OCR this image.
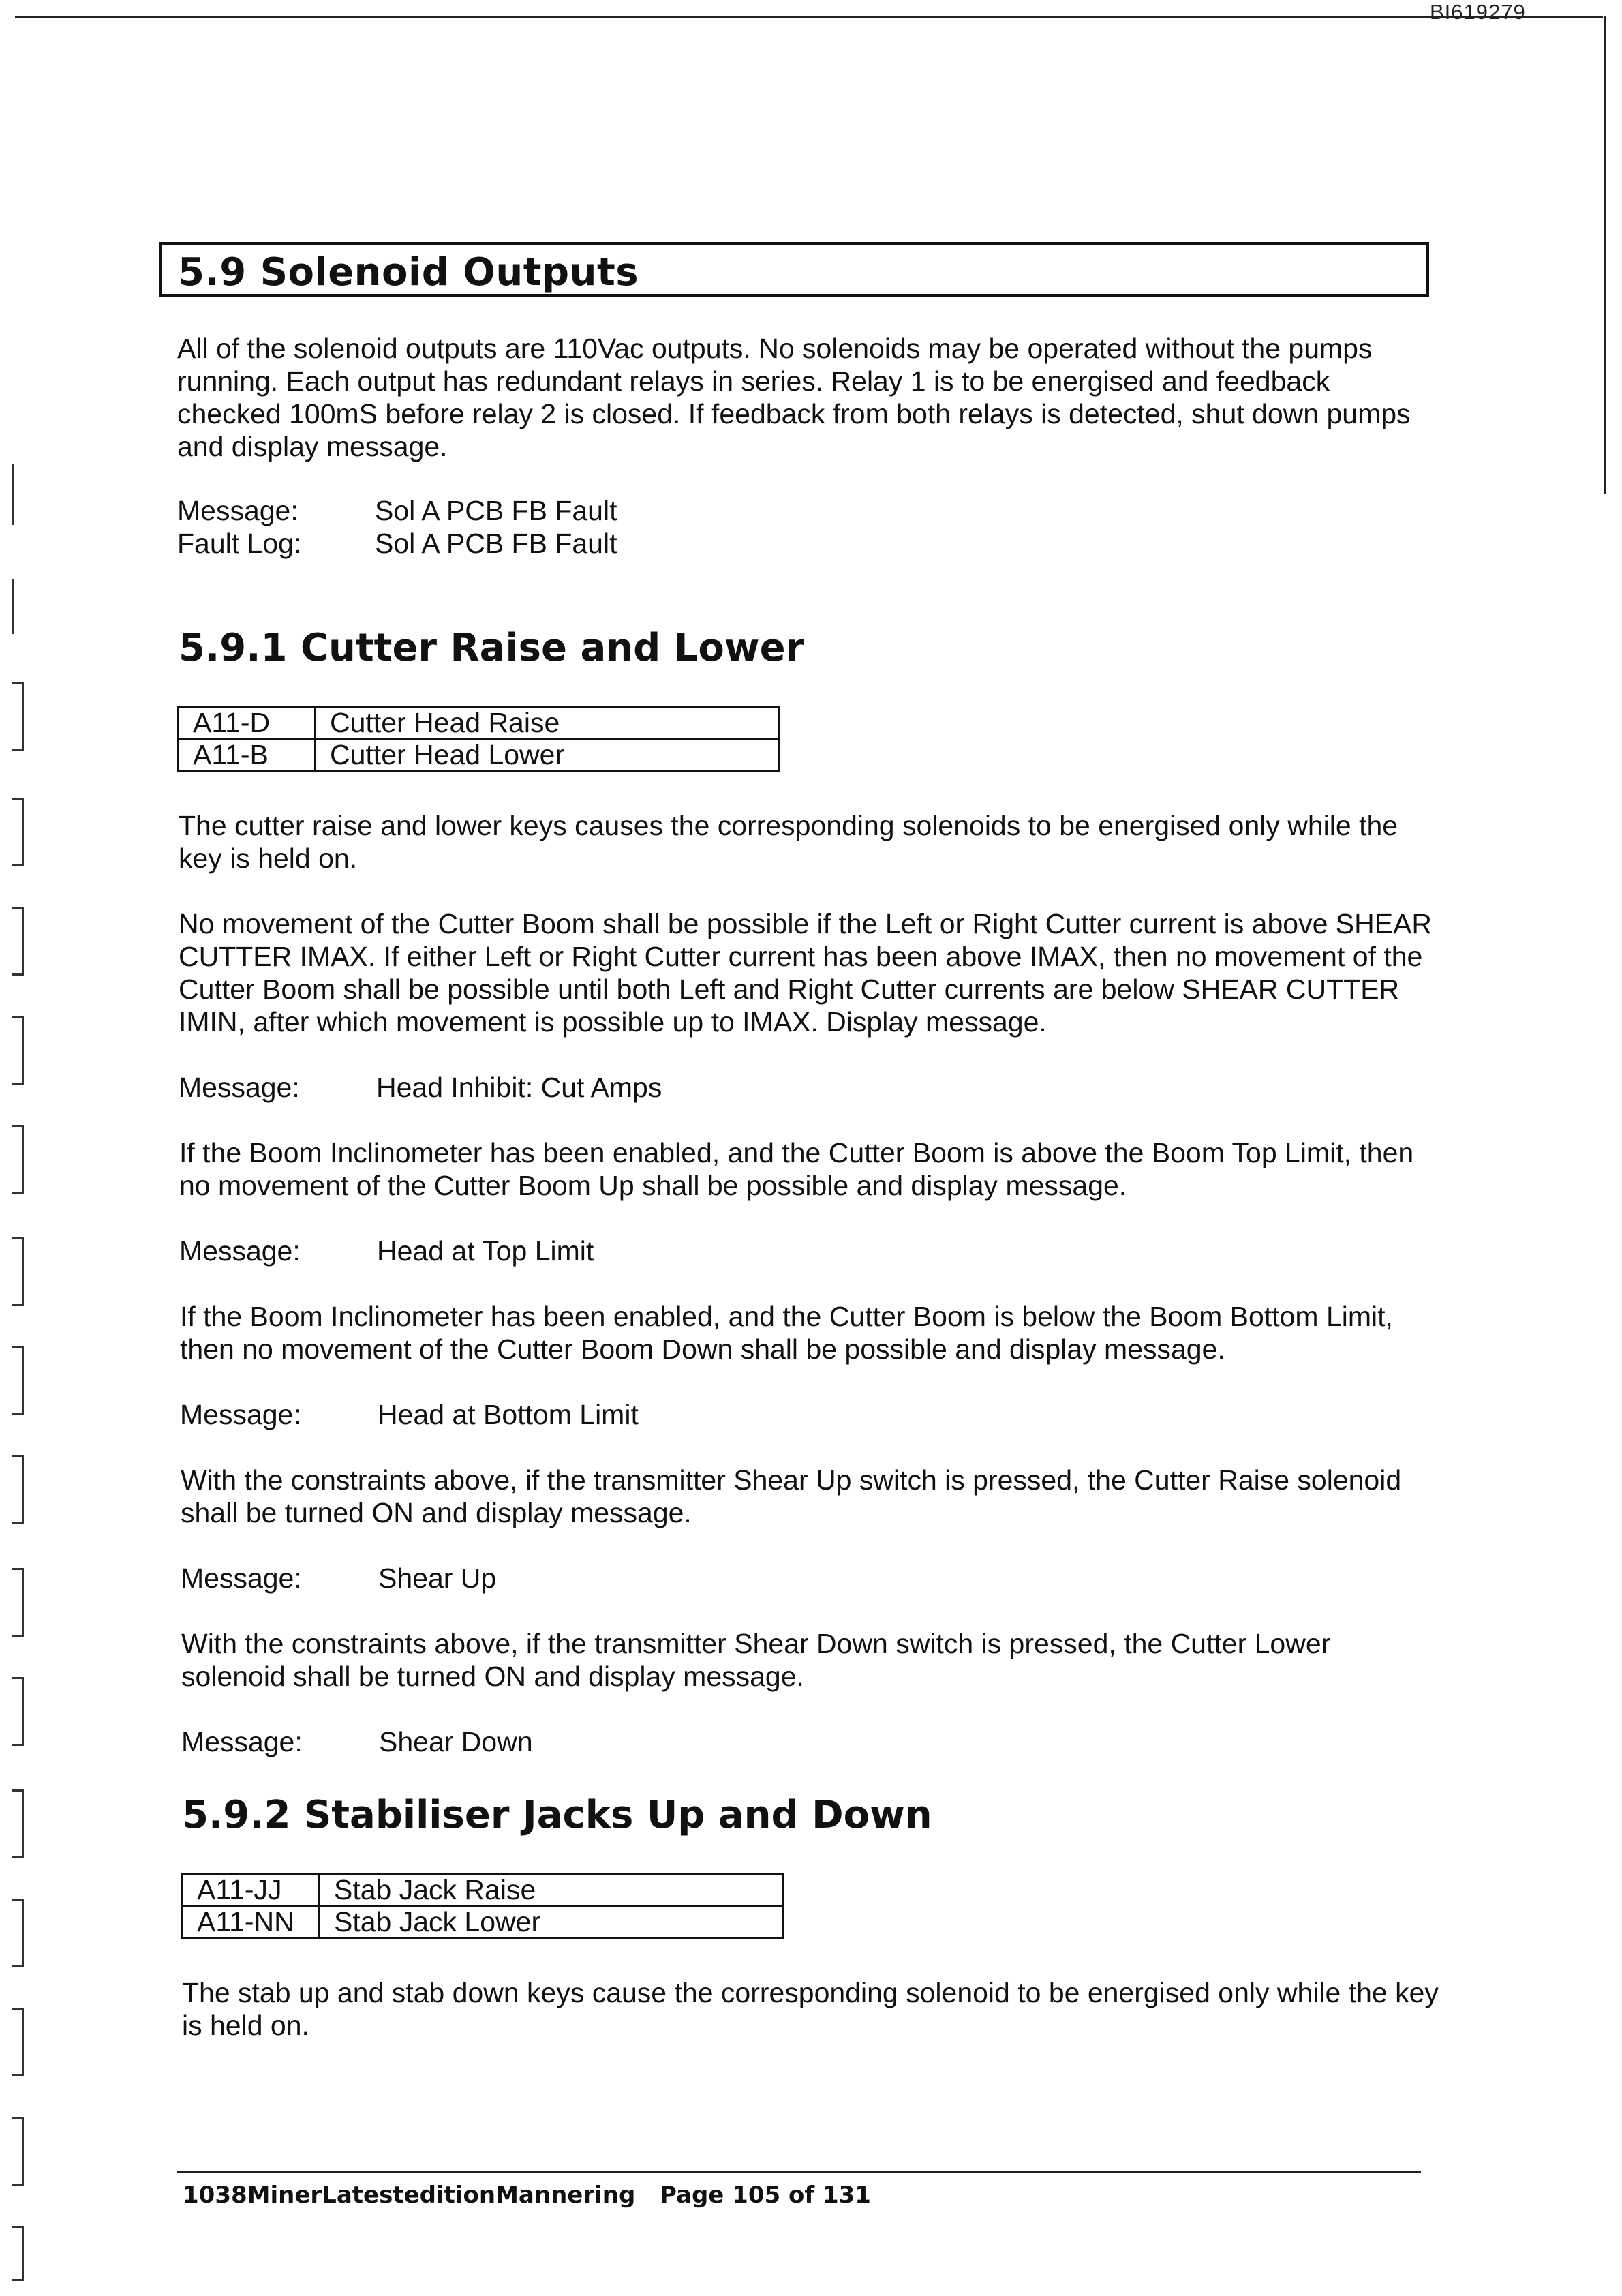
BI619279
5.9 Solenoid Outputs
All of the solenoid outputs are 110Vac outputs. No solenoids may be operated without the pumps running. Each output has redundant relays in series. Relay 1 is to be energised and feedback checked 100mS before relay 2 is closed. If feedback from both relays is detected, shut down pumps and display message.
Message:	Sol A PCB FB Fault
Fault Log:	Sol A PCB FB Fault
5.9.1 Cutter Raise and Lower
A11-D	Cutter Head Raise
A11-B	Cutter Head Lower
The cutter raise and lower keys causes the corresponding solenoids to be energised only while the key is held on.
No movement of the Cutter Boom shall be possible if the Left or Right Cutter current is above SHEAR CUTTER IMAX. If either Left or Right Cutter current has been above IMAX, then no movement of the Cutter Boom shall be possible until both Left and Right Cutter currents are below SHEAR CUTTER IMIN, after which movement is possible up to IMAX. Display message.
Message:	Head Inhibit: Cut Amps
If the Boom Inclinometer has been enabled, and the Cutter Boom is above the Boom Top Limit, then no movement of the Cutter Boom Up shall be possible and display message.
Message:	Head at Top Limit
If the Boom Inclinometer has been enabled, and the Cutter Boom is below the Boom Bottom Limit, then no movement of the Cutter Boom Down shall be possible and display message.
Message:	Head at Bottom Limit
With the constraints above, if the transmitter Shear Up switch is pressed, the Cutter Raise solenoid shall be turned ON and display message.
Message:	Shear Up
With the constraints above, if the transmitter Shear Down switch is pressed, the Cutter Lower solenoid shall be turned ON and display message.
Message:	Shear Down
5.9.2 Stabiliser Jacks Up and Down
A11-JJ	Stab Jack Raise
A11-NN	Stab Jack Lower
The stab up and stab down keys cause the corresponding solenoid to be energised only while the key is held on.
1038MinerLatesteditionMannering Page 105 of 131
